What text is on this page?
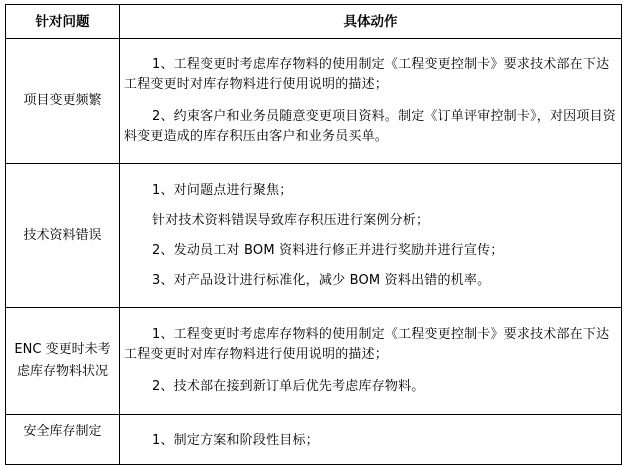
针对问题	具体动作
项目变更频繁	1、工程变更时考虑库存物料的使用制定《工程变更控制卡》要求技术部在下达工程变更时对库存物料进行使用说明的描述；

2、约束客户和业务员随意变更项目资料。制定《订单评审控制卡》，对因项目资料变更造成的库存积压由客户和业务员买单。

技术资料错误	1、对问题点进行聚焦；

针对技术资料错误导致库存积压进行案例分析；

2、发动员工对 BOM 资料进行修正并进行奖励并进行宣传；

3、对产品设计进行标准化，减少 BOM 资料出错的机率。

ENC 变更时未考虑库存物料状况	1、工程变更时考虑库存物料的使用制定《工程变更控制卡》要求技术部在下达工程变更时对库存物料进行使用说明的描述；

2、技术部在接到新订单后优先考虑库存物料。

安全库存制定	1、制定方案和阶段性目标；
